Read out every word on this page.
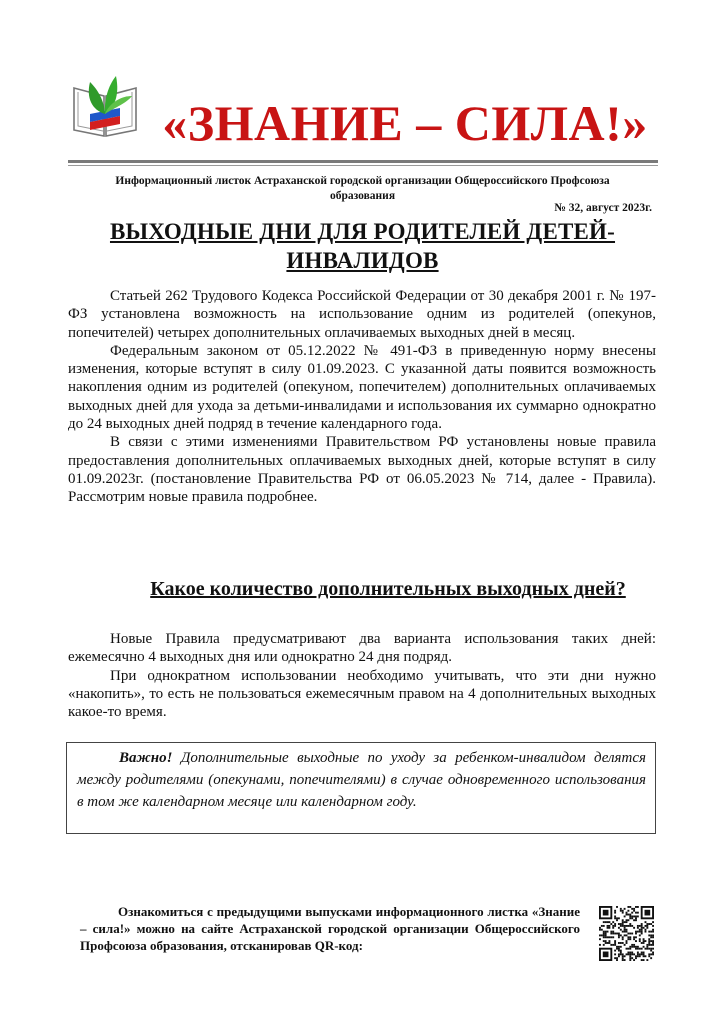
«ЗНАНИЕ – СИЛА!»
Информационный листок Астраханской городской организации Общероссийского Профсоюза образования
№ 32, август 2023г.
ВЫХОДНЫЕ ДНИ ДЛЯ РОДИТЕЛЕЙ ДЕТЕЙ-ИНВАЛИДОВ

Статьей 262 Трудового Кодекса Российской Федерации от 30 декабря 2001 г. № 197-ФЗ установлена возможность на использование одним из родителей (опекунов, попечителей) четырех дополнительных оплачиваемых выходных дней в месяц.

Федеральным законом от 05.12.2022 № 491-ФЗ в приведенную норму внесены изменения, которые вступят в силу 01.09.2023. С указанной даты появится возможность накопления одним из родителей (опекуном, попечителем) дополнительных оплачиваемых выходных дней для ухода за детьми-инвалидами и использования их суммарно однократно до 24 выходных дней подряд в течение календарного года.

В связи с этими изменениями Правительством РФ установлены новые правила предоставления дополнительных оплачиваемых выходных дней, которые вступят в силу 01.09.2023г. (постановление Правительства РФ от 06.05.2023 № 714, далее - Правила). Рассмотрим новые правила подробнее.

Какое количество дополнительных выходных дней?

Новые Правила предусматривают два варианта использования таких дней: ежемесячно 4 выходных дня или однократно 24 дня подряд.

При однократном использовании необходимо учитывать, что эти дни нужно «накопить», то есть не пользоваться ежемесячным правом на 4 дополнительных выходных какое-то время.

Важно! Дополнительные выходные по уходу за ребенком-инвалидом делятся между родителями (опекунами, попечителями) в случае одновременного использования в том же календарном месяце или календарном году.

Ознакомиться с предыдущими выпусками информационного листка «Знание – сила!» можно на сайте Астраханской городской организации Общероссийского Профсоюза образования, отсканировав QR-код:
